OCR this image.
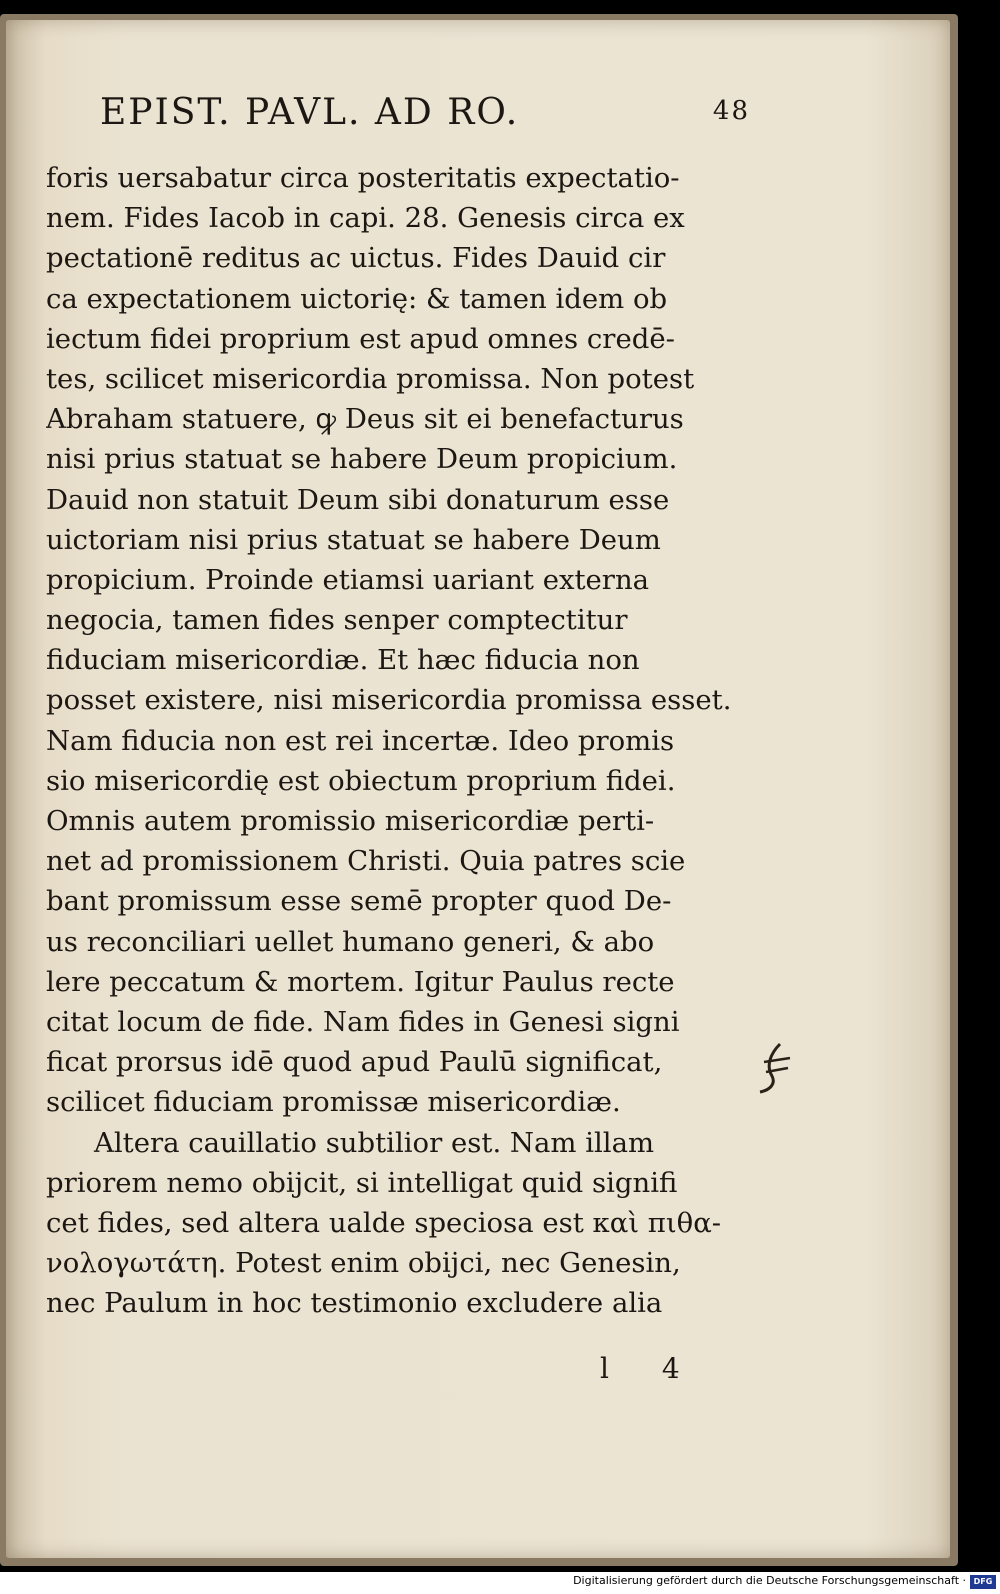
EPIST. PAVL. AD RO.	48
foris uersabatur circa posteritatis expectatio-
nem. Fides Iacob in capi. 28. Genesis circa ex
pectationē reditus ac uictus. Fides Dauid cir
ca expectationem uictorię: & tamen idem ob
iectum fidei proprium est apud omnes credē-
tes, scilicet misericordia promissa. Non potest
Abraham statuere, ꝙ Deus sit ei benefacturus
nisi prius statuat se habere Deum propicium.
Dauid non statuit Deum sibi donaturum esse
uictoriam nisi prius statuat se habere Deum
propicium. Proinde etiamsi uariant externa
negocia, tamen fides senper comptectitur
fiduciam misericordiæ. Et hæc fiducia non
posset existere, nisi misericordia promissa esset.
Nam fiducia non est rei incertæ. Ideo promis
sio misericordię est obiectum proprium fidei.
Omnis autem promissio misericordiæ perti-
net ad promissionem Christi. Quia patres scie
bant promissum esse semē propter quod De-
us reconciliari uellet humano generi, & abo
lere peccatum & mortem. Igitur Paulus recte
citat locum de fide. Nam fides in Genesi signi
ficat prorsus idē quod apud Paulū significat,
scilicet fiduciam promissæ misericordiæ.
Altera cauillatio subtilior est. Nam illam
priorem nemo obijcit, si intelligat quid signifi
cet fides, sed altera ualde speciosa est καὶ πιθα-
νολογωτάτη. Potest enim obijci, nec Genesin,
nec Paulum in hoc testimonio excludere alia
l 4
Digitalisierung gefördert durch die Deutsche Forschungsgemeinschaft · DFG
